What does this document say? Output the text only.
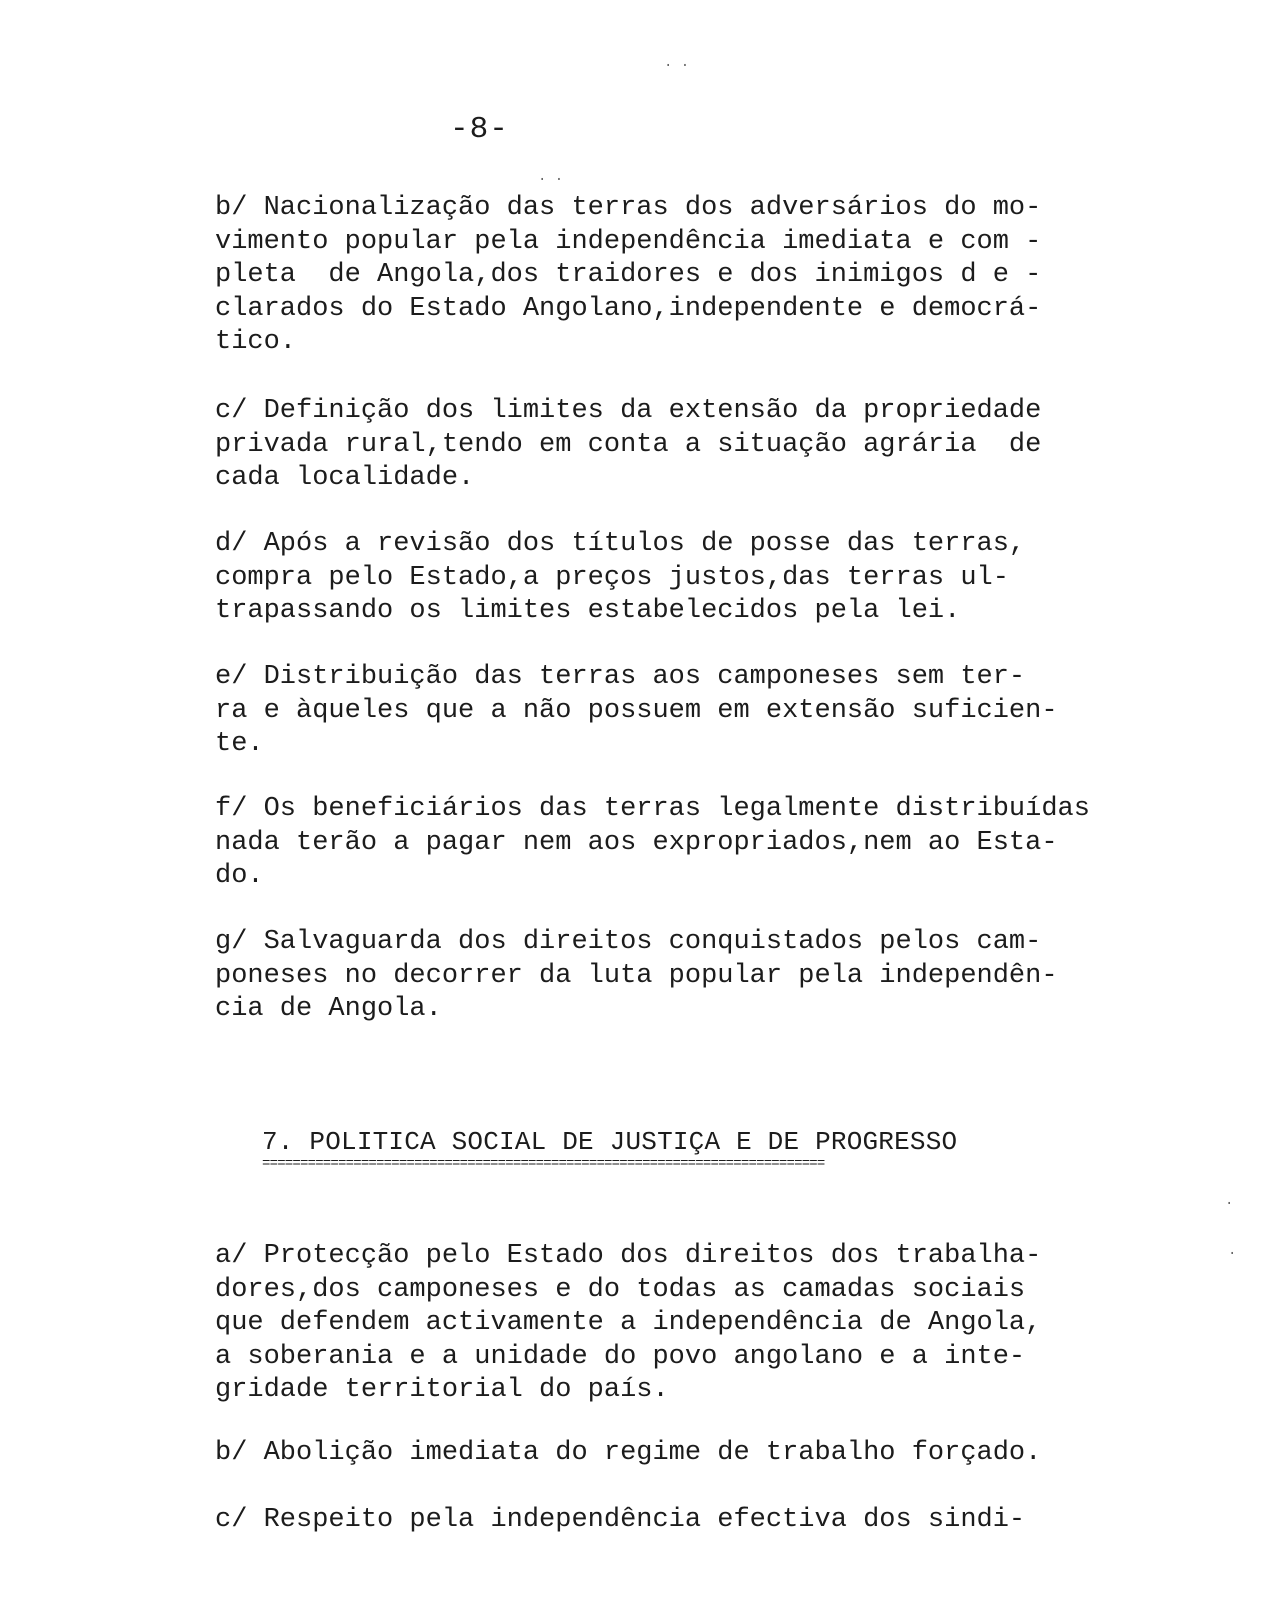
· ·
· ·
-8-

b/ Nacionalização das terras dos adversários do mo-
vimento popular pela independência imediata e com -
pleta  de Angola,dos traidores e dos inimigos d e -
clarados do Estado Angolano,independente e democrá-
tico.

c/ Definição dos limites da extensão da propriedade
privada rural,tendo em conta a situação agrária  de
cada localidade.

d/ Após a revisão dos títulos de posse das terras,
compra pelo Estado,a preços justos,das terras ul-
trapassando os limites estabelecidos pela lei.

e/ Distribuição das terras aos camponeses sem ter-
ra e àqueles que a não possuem em extensão suficien-
te.

f/ Os beneficiários das terras legalmente distribuídas
nada terão a pagar nem aos expropriados,nem ao Esta-
do.

g/ Salvaguarda dos direitos conquistados pelos cam-
poneses no decorrer da luta popular pela independên-
cia de Angola.

7. POLITICA SOCIAL DE JUSTIÇA E DE PROGRESSO
==========================================================================

a/ Protecção pelo Estado dos direitos dos trabalha-
dores,dos camponeses e do todas as camadas sociais
que defendem activamente a independência de Angola,
a soberania e a unidade do povo angolano e a inte-
gridade territorial do país.

b/ Abolição imediata do regime de trabalho forçado.

c/ Respeito pela independência efectiva dos sindi-

·
·
